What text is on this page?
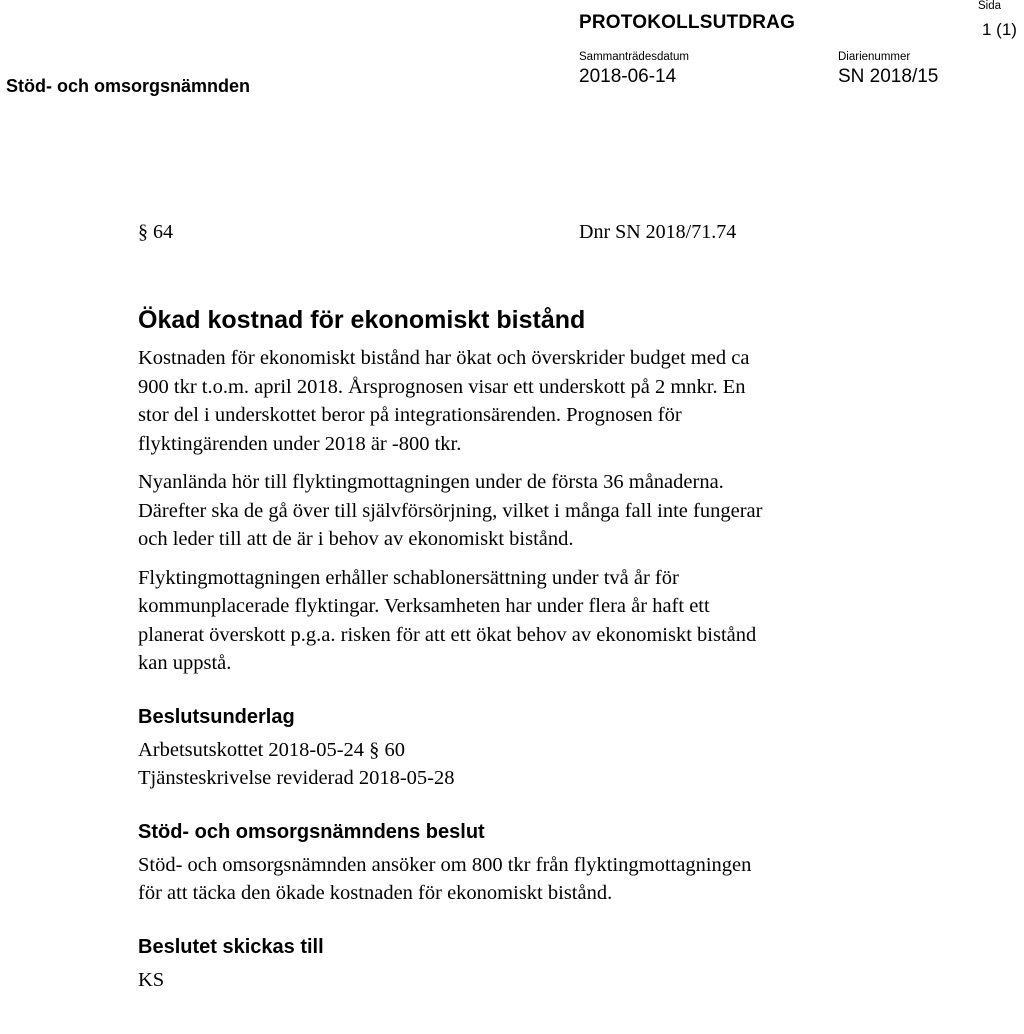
Stöd- och omsorgsnämnden
PROTOKOLLSUTDRAG
Sammanträdesdatum
2018-06-14
Diarienummer
SN 2018/15
Sida
1 (1)
§ 64	Dnr SN 2018/71.74
Ökad kostnad för ekonomiskt bistånd

Kostnaden för ekonomiskt bistånd har ökat och överskrider budget med ca
900 tkr t.o.m. april 2018. Årsprognosen visar ett underskott på 2 mnkr. En
stor del i underskottet beror på integrationsärenden. Prognosen för
flyktingärenden under 2018 är -800 tkr.

Nyanlända hör till flyktingmottagningen under de första 36 månaderna.
Därefter ska de gå över till självförsörjning, vilket i många fall inte fungerar
och leder till att de är i behov av ekonomiskt bistånd.

Flyktingmottagningen erhåller schablonersättning under två år för
kommunplacerade flyktingar. Verksamheten har under flera år haft ett
planerat överskott p.g.a. risken för att ett ökat behov av ekonomiskt bistånd
kan uppstå.

Beslutsunderlag

Arbetsutskottet 2018-05-24 § 60
Tjänsteskrivelse reviderad 2018-05-28

Stöd- och omsorgsnämndens beslut

Stöd- och omsorgsnämnden ansöker om 800 tkr från flyktingmottagningen
för att täcka den ökade kostnaden för ekonomiskt bistånd.

Beslutet skickas till

KS
